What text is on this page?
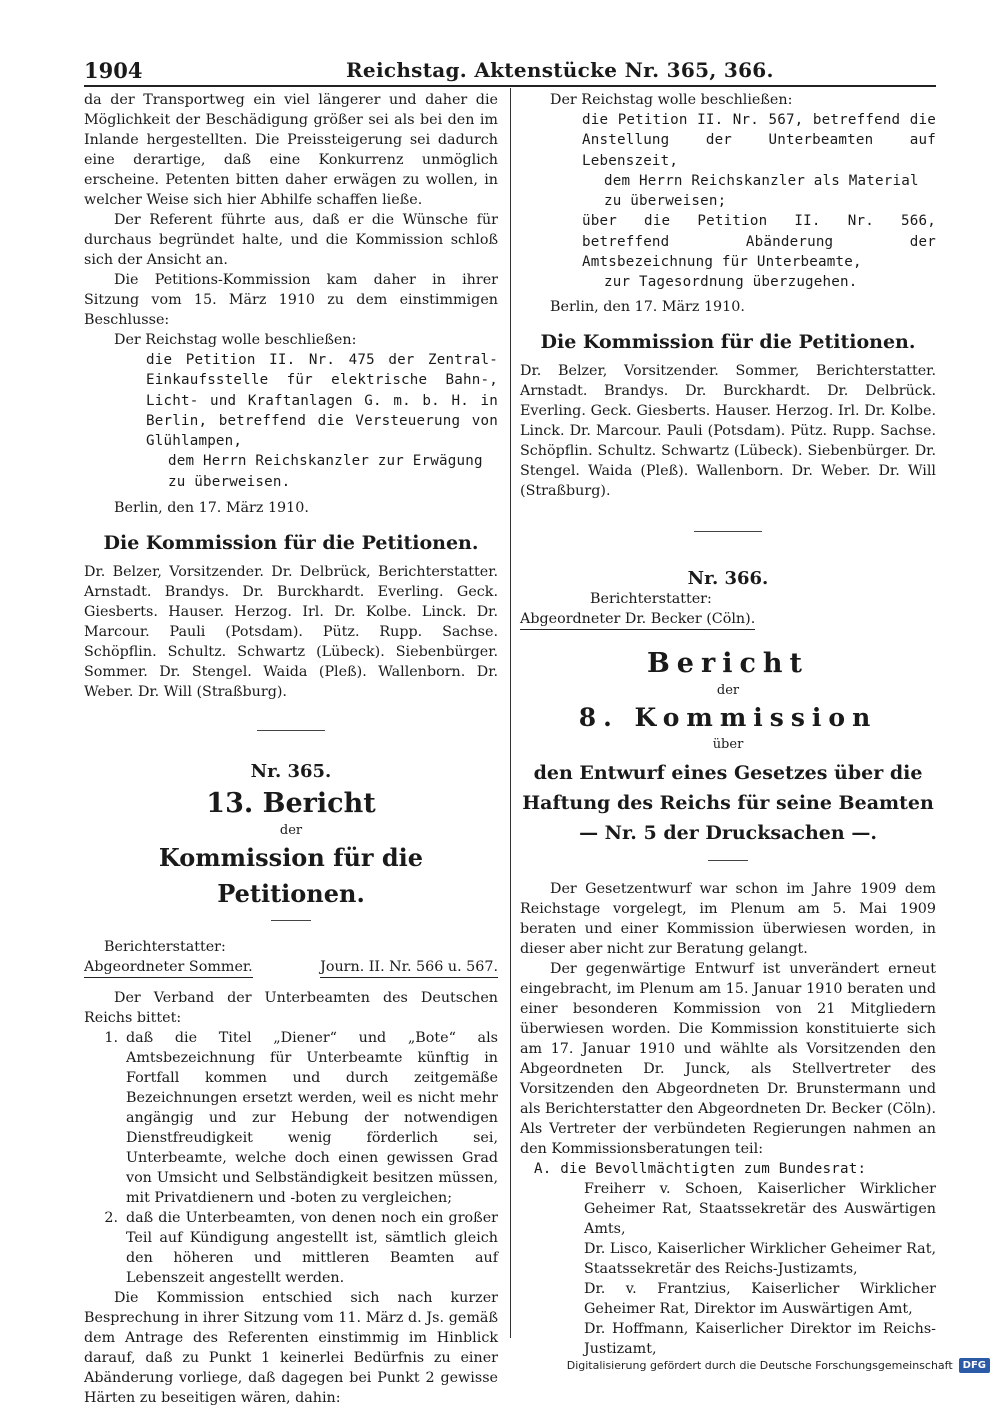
1904	Reichstag. Aktenstücke Nr. 365, 366.

da der Transportweg ein viel längerer und daher die Möglichkeit der Beschädigung größer sei als bei den im Inlande hergestellten. Die Preissteigerung sei dadurch eine derartige, daß eine Konkurrenz unmöglich erscheine. Petenten bitten daher erwägen zu wollen, in welcher Weise sich hier Abhilfe schaffen ließe.

Der Referent führte aus, daß er die Wünsche für durchaus begründet halte, und die Kommission schloß sich der Ansicht an.

Die Petitions-Kommission kam daher in ihrer Sitzung vom 15. März 1910 zu dem einstimmigen Beschlusse:

Der Reichstag wolle beschließen:

die Petition II. Nr. 475 der Zentral-Einkaufsstelle für elektrische Bahn-, Licht- und Kraftanlagen G. m. b. H. in Berlin, betreffend die Versteuerung von Glühlampen,

dem Herrn Reichskanzler zur Erwägung zu überweisen.

Berlin, den 17. März 1910.

Die Kommission für die Petitionen.

Dr. Belzer, Vorsitzender. Dr. Delbrück, Berichterstatter. Arnstadt. Brandys. Dr. Burckhardt. Everling. Geck. Giesberts. Hauser. Herzog. Irl. Dr. Kolbe. Linck. Dr. Marcour. Pauli (Potsdam). Pütz. Rupp. Sachse. Schöpflin. Schultz. Schwartz (Lübeck). Siebenbürger. Sommer. Dr. Stengel. Waida (Pleß). Wallenborn. Dr. Weber. Dr. Will (Straßburg).

Nr. 365.
13. Bericht
der
Kommission für die Petitionen.

Berichterstatter:

Abgeordneter Sommer.	Journ. II. Nr. 566 u. 567.

Der Verband der Unterbeamten des Deutschen Reichs bittet:

1. daß die Titel „Diener“ und „Bote“ als Amtsbezeichnung für Unterbeamte künftig in Fortfall kommen und durch zeitgemäße Bezeichnungen ersetzt werden, weil es nicht mehr angängig und zur Hebung der notwendigen Dienstfreudigkeit wenig förderlich sei, Unterbeamte, welche doch einen gewissen Grad von Umsicht und Selbständigkeit besitzen müssen, mit Privatdienern und -boten zu vergleichen;
2. daß die Unterbeamten, von denen noch ein großer Teil auf Kündigung angestellt ist, sämtlich gleich den höheren und mittleren Beamten auf Lebenszeit angestellt werden.

Die Kommission entschied sich nach kurzer Besprechung in ihrer Sitzung vom 11. März d. Js. gemäß dem Antrage des Referenten einstimmig im Hinblick darauf, daß zu Punkt 1 keinerlei Bedürfnis zu einer Abänderung vorliege, daß dagegen bei Punkt 2 gewisse Härten zu beseitigen wären, dahin:

Der Reichstag wolle beschließen:

die Petition II. Nr. 567, betreffend die Anstellung der Unterbeamten auf Lebenszeit,

dem Herrn Reichskanzler als Material zu überweisen;

über die Petition II. Nr. 566, betreffend Abänderung der Amtsbezeichnung für Unterbeamte,

zur Tagesordnung überzugehen.

Berlin, den 17. März 1910.

Die Kommission für die Petitionen.

Dr. Belzer, Vorsitzender. Sommer, Berichterstatter. Arnstadt. Brandys. Dr. Burckhardt. Dr. Delbrück. Everling. Geck. Giesberts. Hauser. Herzog. Irl. Dr. Kolbe. Linck. Dr. Marcour. Pauli (Potsdam). Pütz. Rupp. Sachse. Schöpflin. Schultz. Schwartz (Lübeck). Siebenbürger. Dr. Stengel. Waida (Pleß). Wallenborn. Dr. Weber. Dr. Will (Straßburg).

Nr. 366.

Berichterstatter:

Abgeordneter Dr. Becker (Cöln).

Bericht
der
8. Kommission
über
den Entwurf eines Gesetzes über die Haftung des Reichs für seine Beamten — Nr. 5 der Drucksachen —.

Der Gesetzentwurf war schon im Jahre 1909 dem Reichstage vorgelegt, im Plenum am 5. Mai 1909 beraten und einer Kommission überwiesen worden, in dieser aber nicht zur Beratung gelangt.

Der gegenwärtige Entwurf ist unverändert erneut eingebracht, im Plenum am 15. Januar 1910 beraten und einer besonderen Kommission von 21 Mitgliedern überwiesen worden. Die Kommission konstituierte sich am 17. Januar 1910 und wählte als Vorsitzenden den Abgeordneten Dr. Junck, als Stellvertreter des Vorsitzenden den Abgeordneten Dr. Brunstermann und als Berichterstatter den Abgeordneten Dr. Becker (Cöln). Als Vertreter der verbündeten Regierungen nahmen an den Kommissionsberatungen teil:

A. die Bevollmächtigten zum Bundesrat:

Freiherr v. Schoen, Kaiserlicher Wirklicher Geheimer Rat, Staatssekretär des Auswärtigen Amts,

Dr. Lisco, Kaiserlicher Wirklicher Geheimer Rat, Staatssekretär des Reichs-Justizamts,

Dr. v. Frantzius, Kaiserlicher Wirklicher Geheimer Rat, Direktor im Auswärtigen Amt,

Dr. Hoffmann, Kaiserlicher Direktor im Reichs-Justizamt,

Digitalisierung gefördert durch die Deutsche Forschungsgemeinschaft	DFG
